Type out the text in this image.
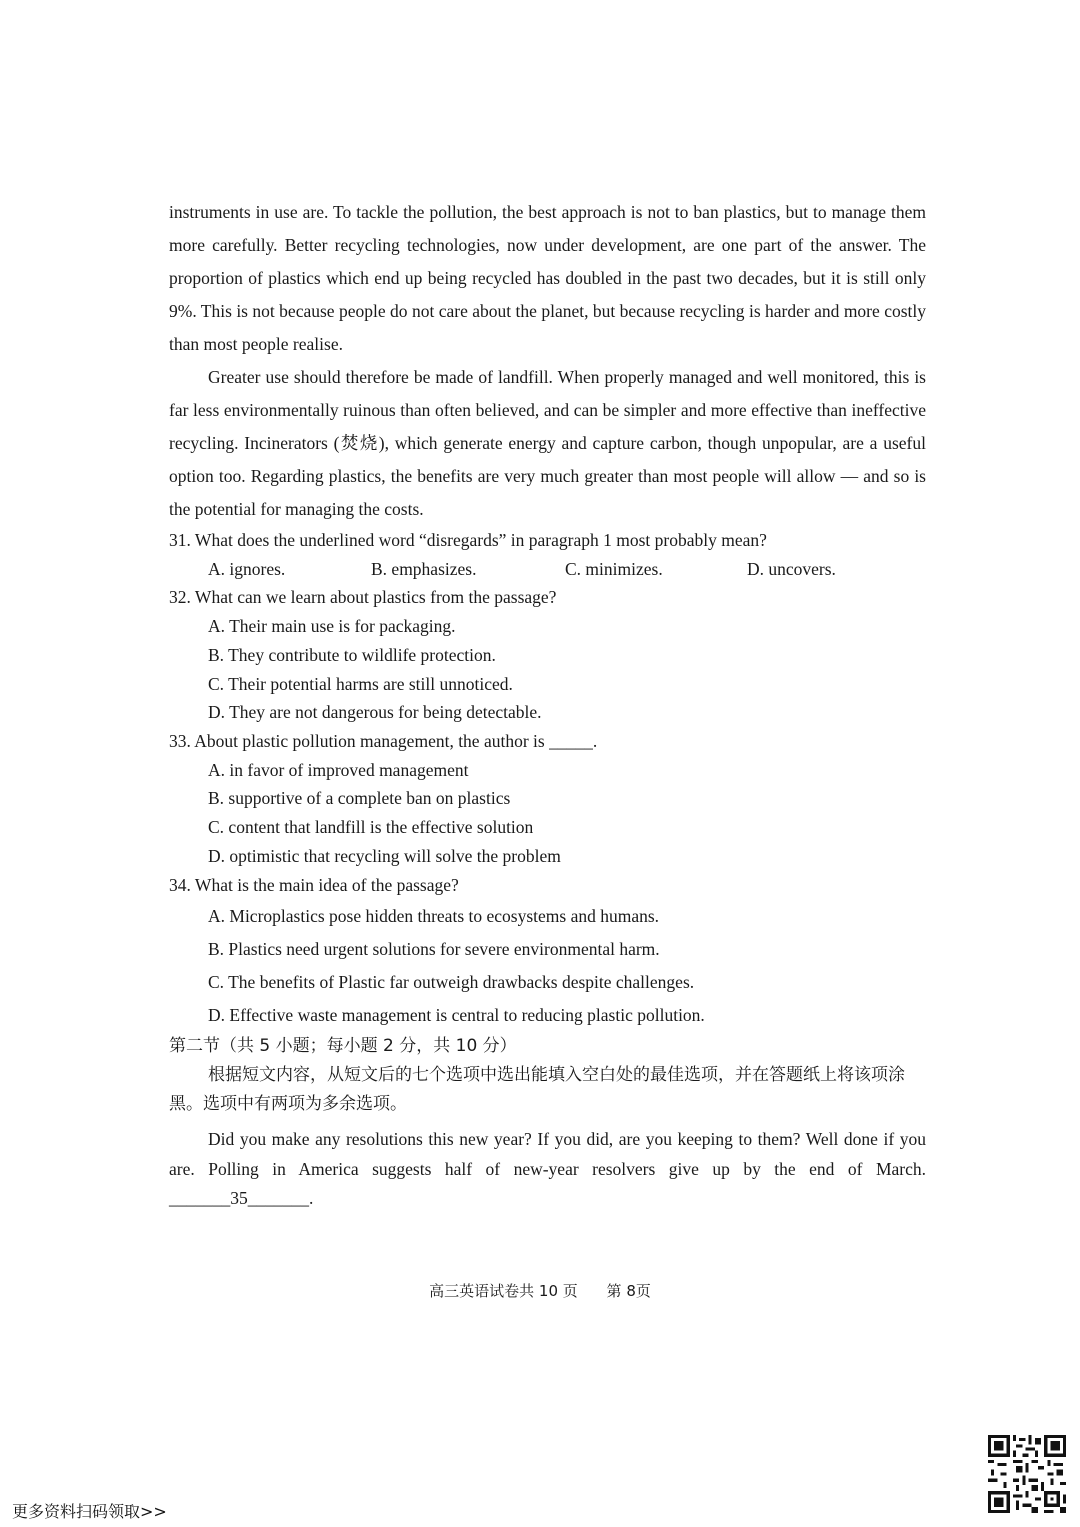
instruments in use are. To tackle the pollution, the best approach is not to ban plastics, but to manage them more carefully. Better recycling technologies, now under development, are one part of the answer. The proportion of plastics which end up being recycled has doubled in the past two decades, but it is still only 9%. This is not because people do not care about the planet, but because recycling is harder and more costly than most people realise.

Greater use should therefore be made of landfill. When properly managed and well monitored, this is far less environmentally ruinous than often believed, and can be simpler and more effective than ineffective recycling. Incinerators (焚烧), which generate energy and capture carbon, though unpopular, are a useful option too. Regarding plastics, the benefits are very much greater than most people will allow — and so is the potential for managing the costs.

31. What does the underlined word “disregards” in paragraph 1 most probably mean?

A. ignores.	B. emphasizes.	C. minimizes.	D. uncovers.

32. What can we learn about plastics from the passage?

A. Their main use is for packaging.

B. They contribute to wildlife protection.

C. Their potential harms are still unnoticed.

D. They are not dangerous for being detectable.

33. About plastic pollution management, the author is _____.

A. in favor of improved management

B. supportive of a complete ban on plastics

C. content that landfill is the effective solution

D. optimistic that recycling will solve the problem

34. What is the main idea of the passage?

A. Microplastics pose hidden threats to ecosystems and humans.

B. Plastics need urgent solutions for severe environmental harm.

C. The benefits of Plastic far outweigh drawbacks despite challenges.

D. Effective waste management is central to reducing plastic pollution.

第二节（共 5 小题；每小题 2 分，共 10 分）

根据短文内容，从短文后的七个选项中选出能填入空白处的最佳选项，并在答题纸上将该项涂黑。选项中有两项为多余选项。

Did you make any resolutions this new year? If you did, are you keeping to them? Well done if you are. Polling in America suggests half of new-year resolvers give up by the end of March. _______35_______.

高三英语试卷共 10 页 第 8页
更多资料扫码领取>>
